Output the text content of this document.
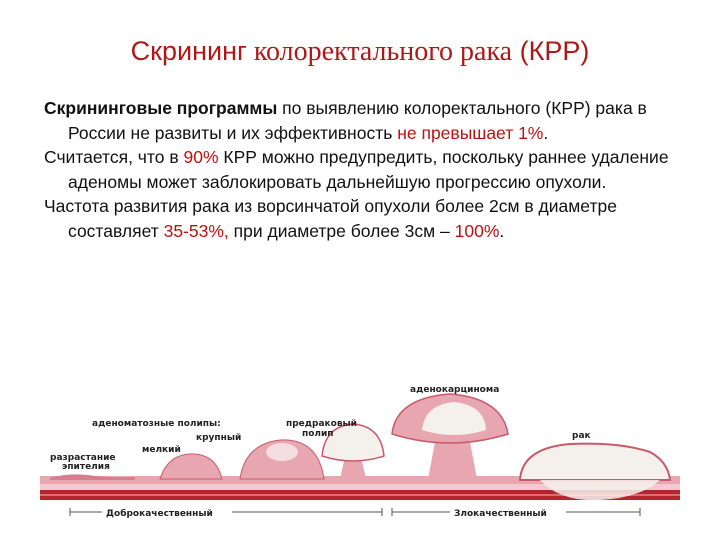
Скрининг колоректального рака (КРР)

Скрининговые программы по выявлению колоректального (КРР) рака в России не развиты и их эффективность не превышает 1%.

Считается, что в 90% КРР можно предупредить, поскольку раннее удаление аденомы может заблокировать дальнейшую прогрессию опухоли.

Частота развития рака из ворсинчатой опухоли более 2см в диаметре составляет 35-53%, при диаметре более 3см – 100%.

аденокарцинома
аденоматозные полипы:	предраковый
полип
крупный
мелкий
разрастание
эпителия
рак
Доброкачественный	Злокачественный
